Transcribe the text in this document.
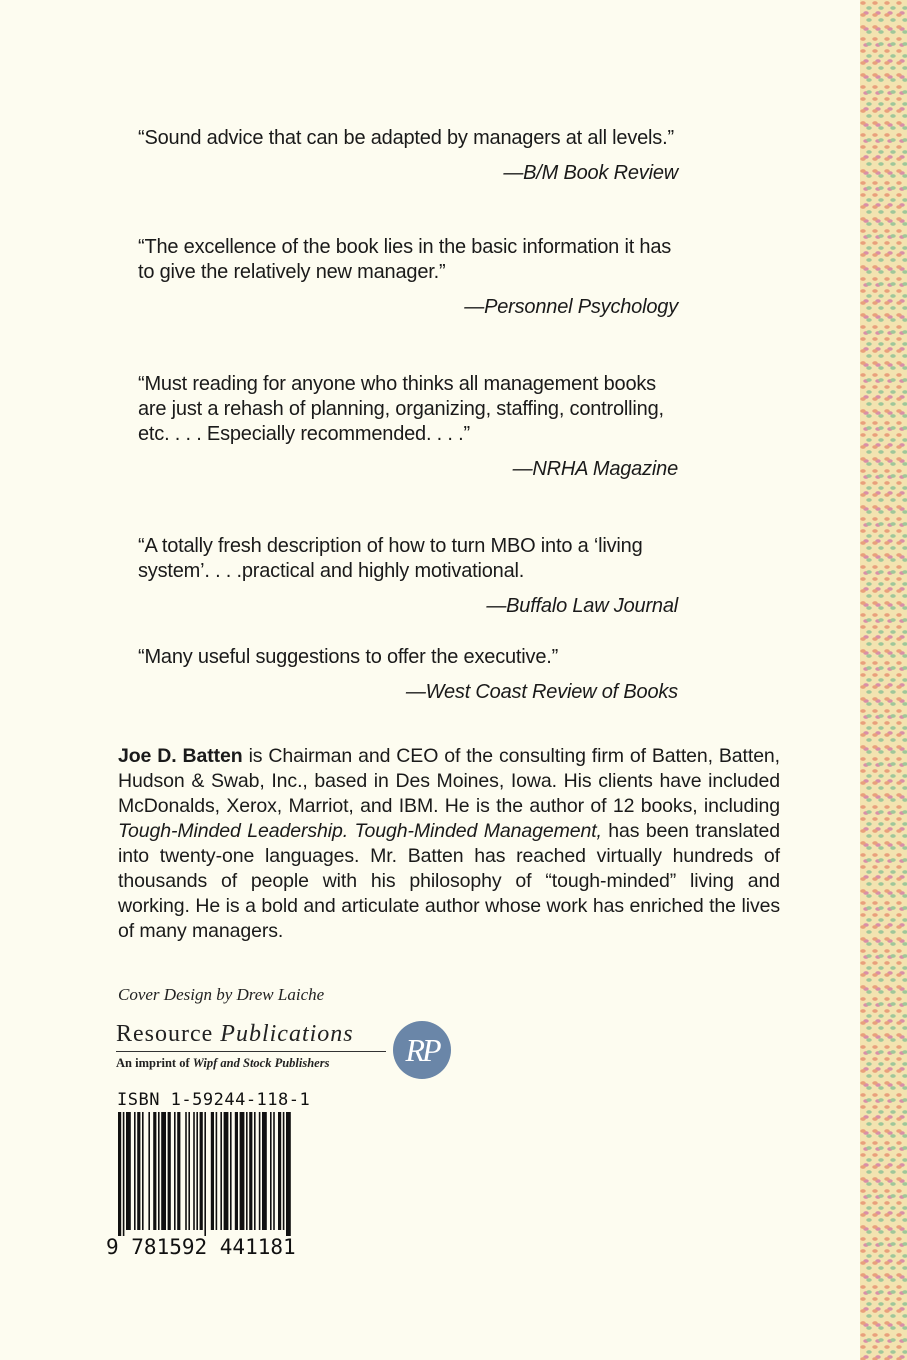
“Sound advice that can be adapted by managers at all levels.”

—B/M Book Review

“The excellence of the book lies in the basic information it has to give the relatively new manager.”

—Personnel Psychology

“Must reading for anyone who thinks all management books are just a rehash of planning, organizing, staffing, controlling, etc. . . . Especially recommended. . . .”

—NRHA Magazine

“A totally fresh description of how to turn MBO into a ‘living system’. . . .practical and highly motivational.

—Buffalo Law Journal

“Many useful suggestions to offer the executive.”

—West Coast Review of Books

Joe D. Batten is Chairman and CEO of the consulting firm of Batten, Batten, Hudson & Swab, Inc., based in Des Moines, Iowa. His clients have included McDonalds, Xerox, Marriot, and IBM. He is the author of 12 books, including Tough-Minded Leadership. Tough-Minded Management, has been translated into twenty-one languages. Mr. Batten has reached virtually hundreds of thousands of people with his philosophy of “tough-minded” living and working. He is a bold and articulate author whose work has enriched the lives of many managers.
Cover Design by Drew Laiche
Resource Publications
An imprint of Wipf and Stock Publishers	RP
ISBN 1-59244-118-1
9 781592 441181
